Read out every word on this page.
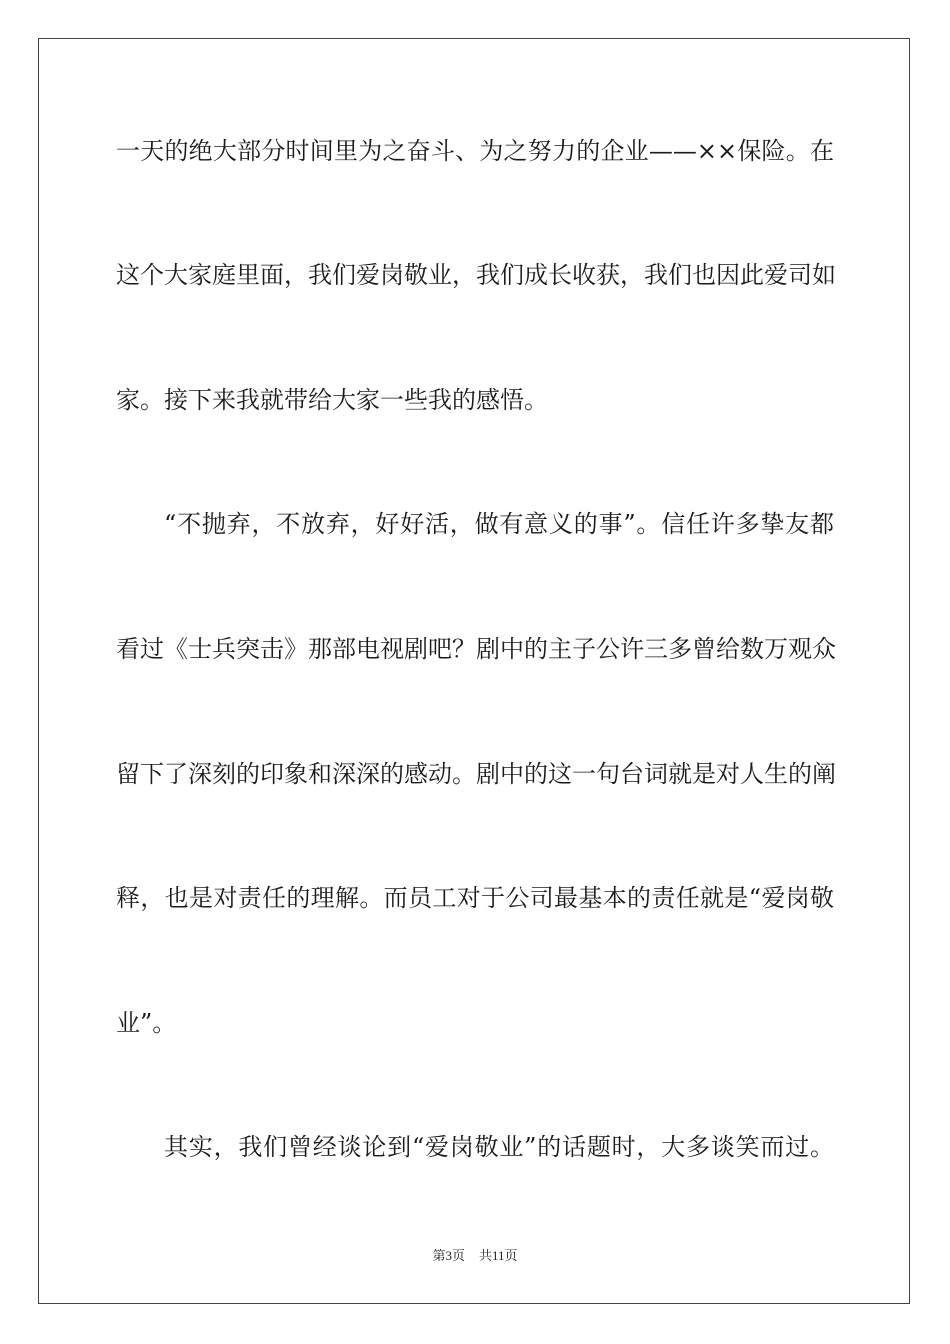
一天的绝大部分时间里为之奋斗、为之努力的企业——××保险。在
这个大家庭里面，我们爱岗敬业，我们成长收获，我们也因此爱司如
家。接下来我就带给大家一些我的感悟。
“不抛弃，不放弃，好好活，做有意义的事”。信任许多挚友都
看过《士兵突击》那部电视剧吧？剧中的主子公许三多曾给数万观众
留下了深刻的印象和深深的感动。剧中的这一句台词就是对人生的阐
释，也是对责任的理解。而员工对于公司最基本的责任就是“爱岗敬
业”。
其实，我们曾经谈论到“爱岗敬业”的话题时，大多谈笑而过。
第3页 共11页
